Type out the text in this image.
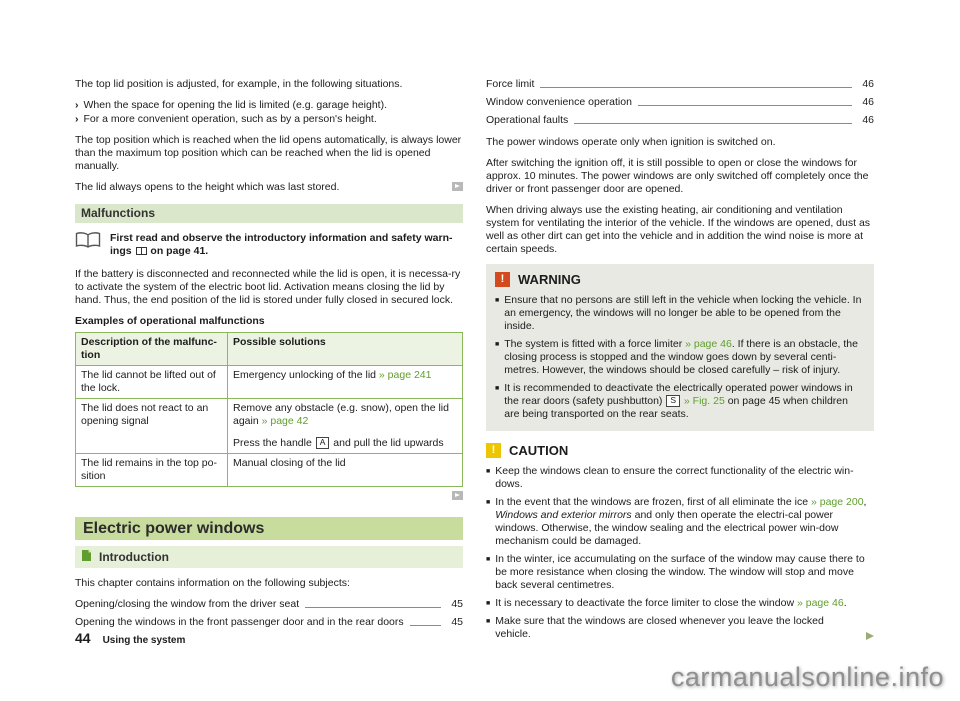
The top lid position is adjusted, for example, in the following situations.

› When the space for opening the lid is limited (e.g. garage height).
› For a more convenient operation, such as by a person's height.

The top position which is reached when the lid opens automatically, is always lower than the maximum top position which can be reached when the lid is opened manually.

The lid always opens to the height which was last stored.

Malfunctions
First read and observe the introductory information and safety warn-ings  on page 41.

If the battery is disconnected and reconnected while the lid is open, it is necessa-ry to activate the system of the electric boot lid. Activation means closing the lid by hand. Thus, the end position of the lid is stored under fully closed in secured lock.

Examples of operational malfunctions
Description of the malfunc-tion	Possible solutions
The lid cannot be lifted out of the lock.	Emergency unlocking of the lid » page 241

The lid does not react to an opening signal	Remove any obstacle (e.g. snow), open the lid again » page 42
Press the handle A and pull the lid upwards

The lid remains in the top po-sition	Manual closing of the lid
Electric power windows
Introduction

This chapter contains information on the following subjects:

Opening/closing the window from the driver seat	45
Opening the windows in the front passenger door and in the rear doors	45
Force limit	46
Window convenience operation	46
Operational faults	46

The power windows operate only when ignition is switched on.

After switching the ignition off, it is still possible to open or close the windows for approx. 10 minutes. The power windows are only switched off completely once the driver or front passenger door are opened.

When driving always use the existing heating, air conditioning and ventilation system for ventilating the interior of the vehicle. If the windows are opened, dust as well as other dirt can get into the vehicle and in addition the wind noise is more at certain speeds.

!	WARNING
■ Ensure that no persons are still left in the vehicle when locking the vehicle. In an emergency, the windows will no longer be able to be opened from the inside.
■ The system is fitted with a force limiter » page 46. If there is an obstacle, the closing process is stopped and the window goes down by several centi-metres. However, the windows should be closed carefully – risk of injury.
■ It is recommended to deactivate the electrically operated power windows in the rear doors (safety pushbutton) S » Fig. 25 on page 45 when children are being transported on the rear seats.
!	CAUTION
■ Keep the windows clean to ensure the correct functionality of the electric win-dows.
■ In the event that the windows are frozen, first of all eliminate the ice » page 200, Windows and exterior mirrors and only then operate the electri-cal power windows. Otherwise, the window sealing and the electrical power win-dow mechanism could be damaged.
■ In the winter, ice accumulating on the surface of the window may cause there to be more resistance when closing the window. The window will stop and move back several centimetres.
■ It is necessary to deactivate the force limiter to close the window » page 46.
■ Make sure that the windows are closed whenever you leave the locked vehicle.
44 Using the system
carmanualsonline.info
